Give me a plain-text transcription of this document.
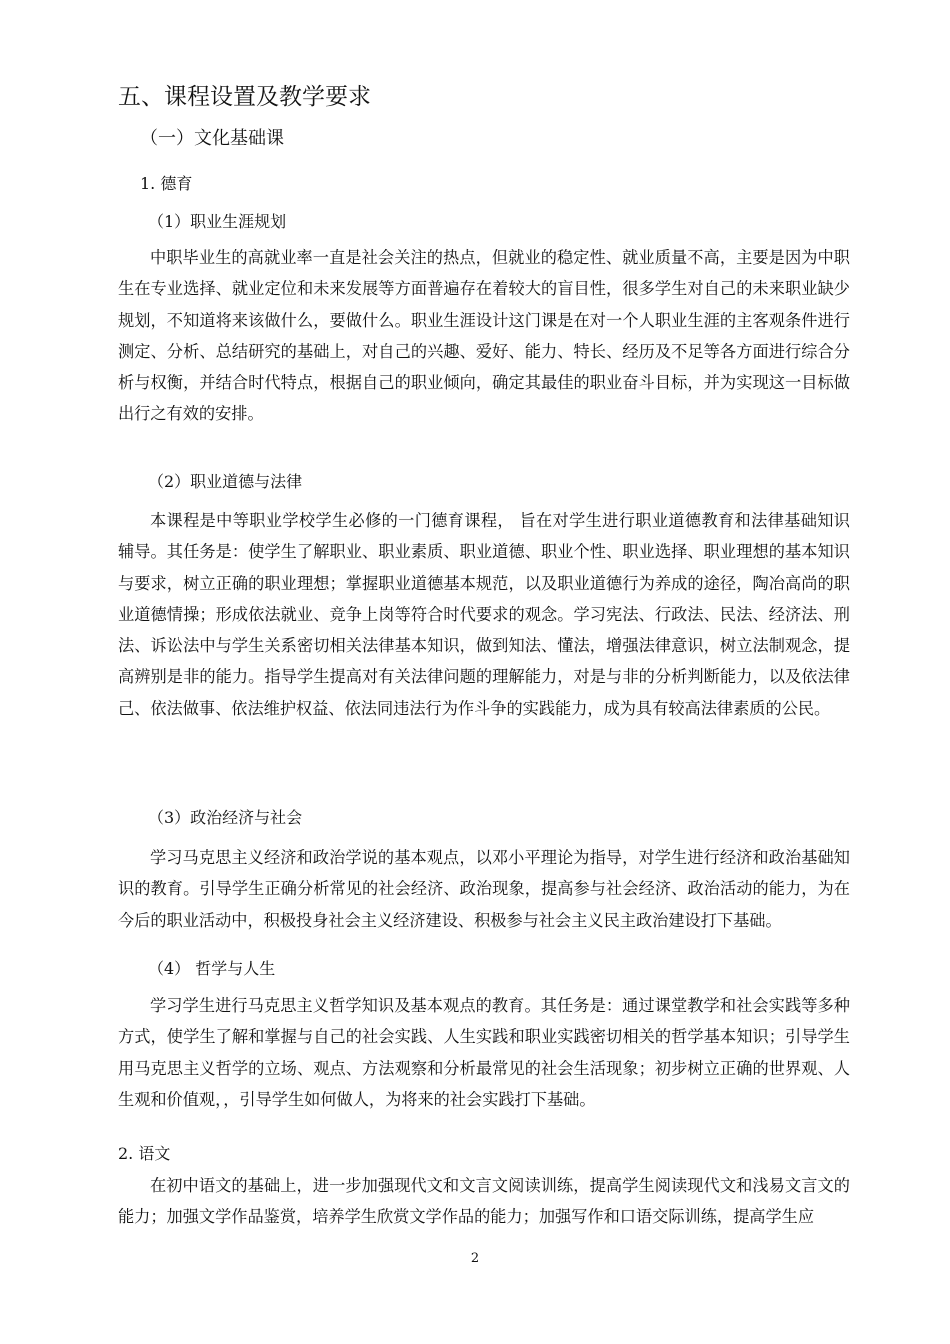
五、课程设置及教学要求
（一）文化基础课
1. 德育
（1）职业生涯规划

中职毕业生的高就业率一直是社会关注的热点，但就业的稳定性、就业质量不高，主要是因为中职生在专业选择、就业定位和未来发展等方面普遍存在着较大的盲目性，很多学生对自己的未来职业缺少规划，不知道将来该做什么，要做什么。职业生涯设计这门课是在对一个人职业生涯的主客观条件进行测定、分析、总结研究的基础上，对自己的兴趣、爱好、能力、特长、经历及不足等各方面进行综合分析与权衡，并结合时代特点，根据自己的职业倾向，确定其最佳的职业奋斗目标，并为实现这一目标做出行之有效的安排。

（2）职业道德与法律

本课程是中等职业学校学生必修的一门德育课程， 旨在对学生进行职业道德教育和法律基础知识辅导。其任务是：使学生了解职业、职业素质、职业道德、职业个性、职业选择、职业理想的基本知识与要求，树立正确的职业理想；掌握职业道德基本规范，以及职业道德行为养成的途径，陶冶高尚的职业道德情操；形成依法就业、竞争上岗等符合时代要求的观念。学习宪法、行政法、民法、经济法、刑法、诉讼法中与学生关系密切相关法律基本知识，做到知法、懂法，增强法律意识，树立法制观念，提高辨别是非的能力。指导学生提高对有关法律问题的理解能力，对是与非的分析判断能力，以及依法律己、依法做事、依法维护权益、依法同违法行为作斗争的实践能力，成为具有较高法律素质的公民。

（3）政治经济与社会

学习马克思主义经济和政治学说的基本观点，以邓小平理论为指导，对学生进行经济和政治基础知识的教育。引导学生正确分析常见的社会经济、政治现象，提高参与社会经济、政治活动的能力，为在今后的职业活动中，积极投身社会主义经济建设、积极参与社会主义民主政治建设打下基础。

（4） 哲学与人生

学习学生进行马克思主义哲学知识及基本观点的教育。其任务是：通过课堂教学和社会实践等多种方式，使学生了解和掌握与自己的社会实践、人生实践和职业实践密切相关的哲学基本知识；引导学生用马克思主义哲学的立场、观点、方法观察和分析最常见的社会生活现象；初步树立正确的世界观、人生观和价值观，，引导学生如何做人，为将来的社会实践打下基础。

2. 语文

在初中语文的基础上，进一步加强现代文和文言文阅读训练，提高学生阅读现代文和浅易文言文的能力；加强文学作品鉴赏，培养学生欣赏文学作品的能力；加强写作和口语交际训练，提高学生应

2
